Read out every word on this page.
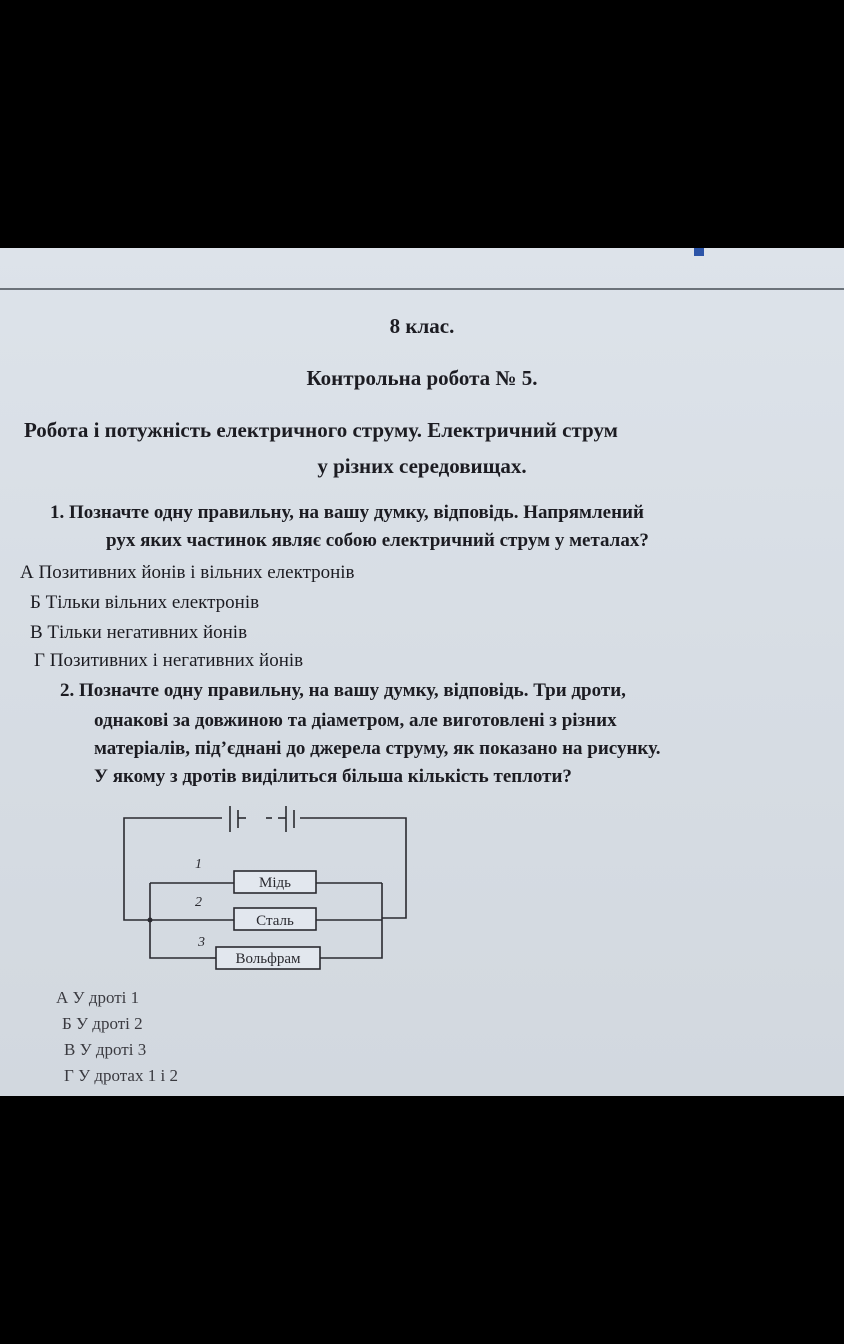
8 клас.
Контрольна робота № 5.
Робота і потужність електричного струму. Електричний струм
у різних середовищах.
1. Позначте одну правильну, на вашу думку, відповідь. Напрямлений
рух яких частинок являє собою електричний струм у металах?
А Позитивних йонів і вільних електронів
Б Тільки вільних електронів
В Тільки негативних йонів
Г Позитивних і негативних йонів
2. Позначте одну правильну, на вашу думку, відповідь. Три дроти,
однакові за довжиною та діаметром, але виготовлені з різних
матеріалів, під’єднані до джерела струму, як показано на рисунку.
У якому з дротів виділиться більша кількість теплоти?
1
2
3
Мідь
Сталь
Вольфрам
А У дроті 1
Б У дроті 2
В У дроті 3
Г У дротах 1 і 2
